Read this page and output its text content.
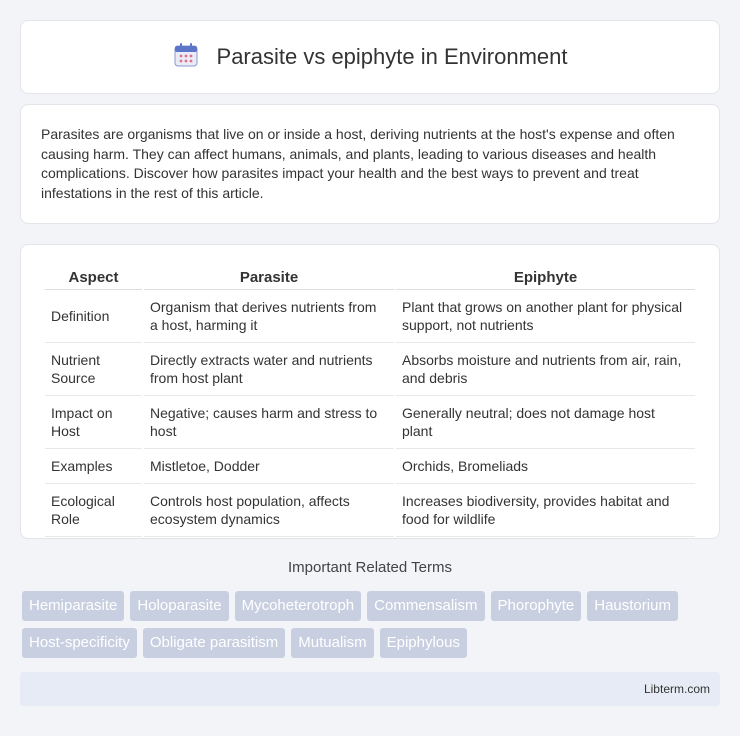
Parasite vs epiphyte in Environment

Parasites are organisms that live on or inside a host, deriving nutrients at the host's expense and often causing harm. They can affect humans, animals, and plants, leading to various diseases and health complications. Discover how parasites impact your health and the best ways to prevent and treat infestations in the rest of this article.

Aspect	Parasite	Epiphyte
Definition	Organism that derives nutrients from a host, harming it	Plant that grows on another plant for physical support, not nutrients
Nutrient Source	Directly extracts water and nutrients from host plant	Absorbs moisture and nutrients from air, rain, and debris
Impact on Host	Negative; causes harm and stress to host	Generally neutral; does not damage host plant
Examples	Mistletoe, Dodder	Orchids, Bromeliads
Ecological Role	Controls host population, affects ecosystem dynamics	Increases biodiversity, provides habitat and food for wildlife
Important Related Terms
Hemiparasite	Holoparasite	Mycoheterotroph	Commensalism	Phorophyte	Haustorium
Host-specificity	Obligate parasitism	Mutualism	Epiphylous
Libterm.com
